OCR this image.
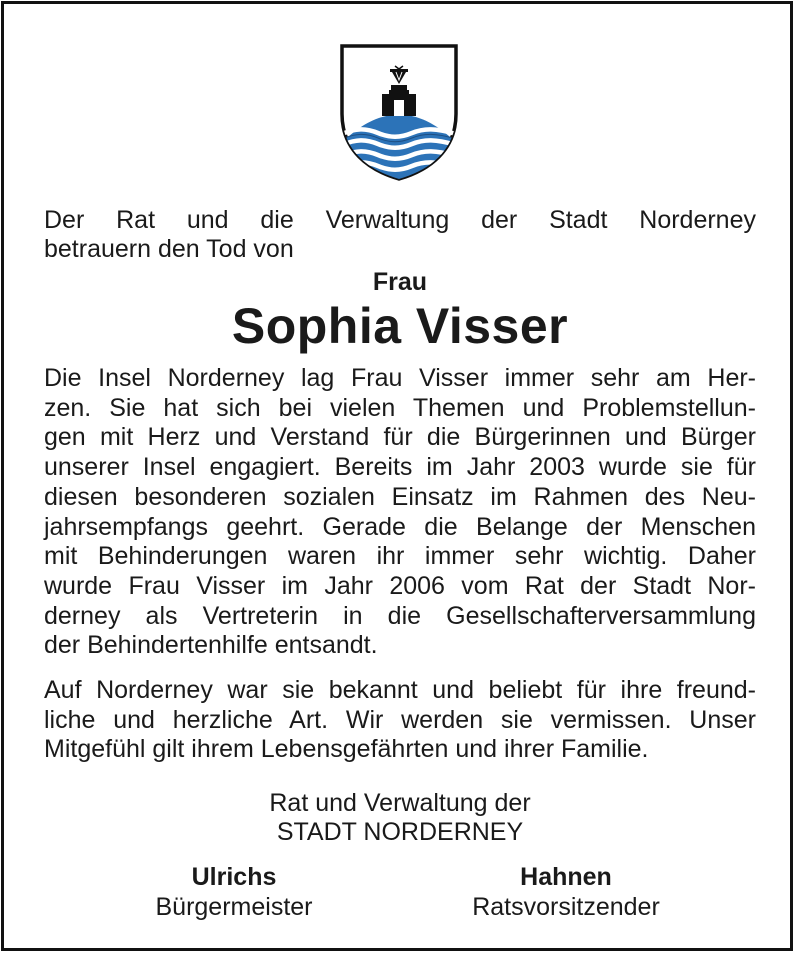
Der Rat und die Verwaltung der Stadt Norderney
betrauern den Tod von
Frau
Sophia Visser
Die Insel Norderney lag Frau Visser immer sehr am Her-
zen. Sie hat sich bei vielen Themen und Problemstellun-
gen mit Herz und Verstand für die Bürgerinnen und Bürger
unserer Insel engagiert. Bereits im Jahr 2003 wurde sie für
diesen besonderen sozialen Einsatz im Rahmen des Neu-
jahrsempfangs geehrt. Gerade die Belange der Menschen
mit Behinderungen waren ihr immer sehr wichtig. Daher
wurde Frau Visser im Jahr 2006 vom Rat der Stadt Nor-
derney als Vertreterin in die Gesellschafterversammlung
der Behindertenhilfe entsandt.
Auf Norderney war sie bekannt und beliebt für ihre freund-
liche und herzliche Art. Wir werden sie vermissen. Unser
Mitgefühl gilt ihrem Lebensgefährten und ihrer Familie.
Rat und Verwaltung der
STADT NORDERNEY
Ulrichs
Bürgermeister
Hahnen
Ratsvorsitzender
